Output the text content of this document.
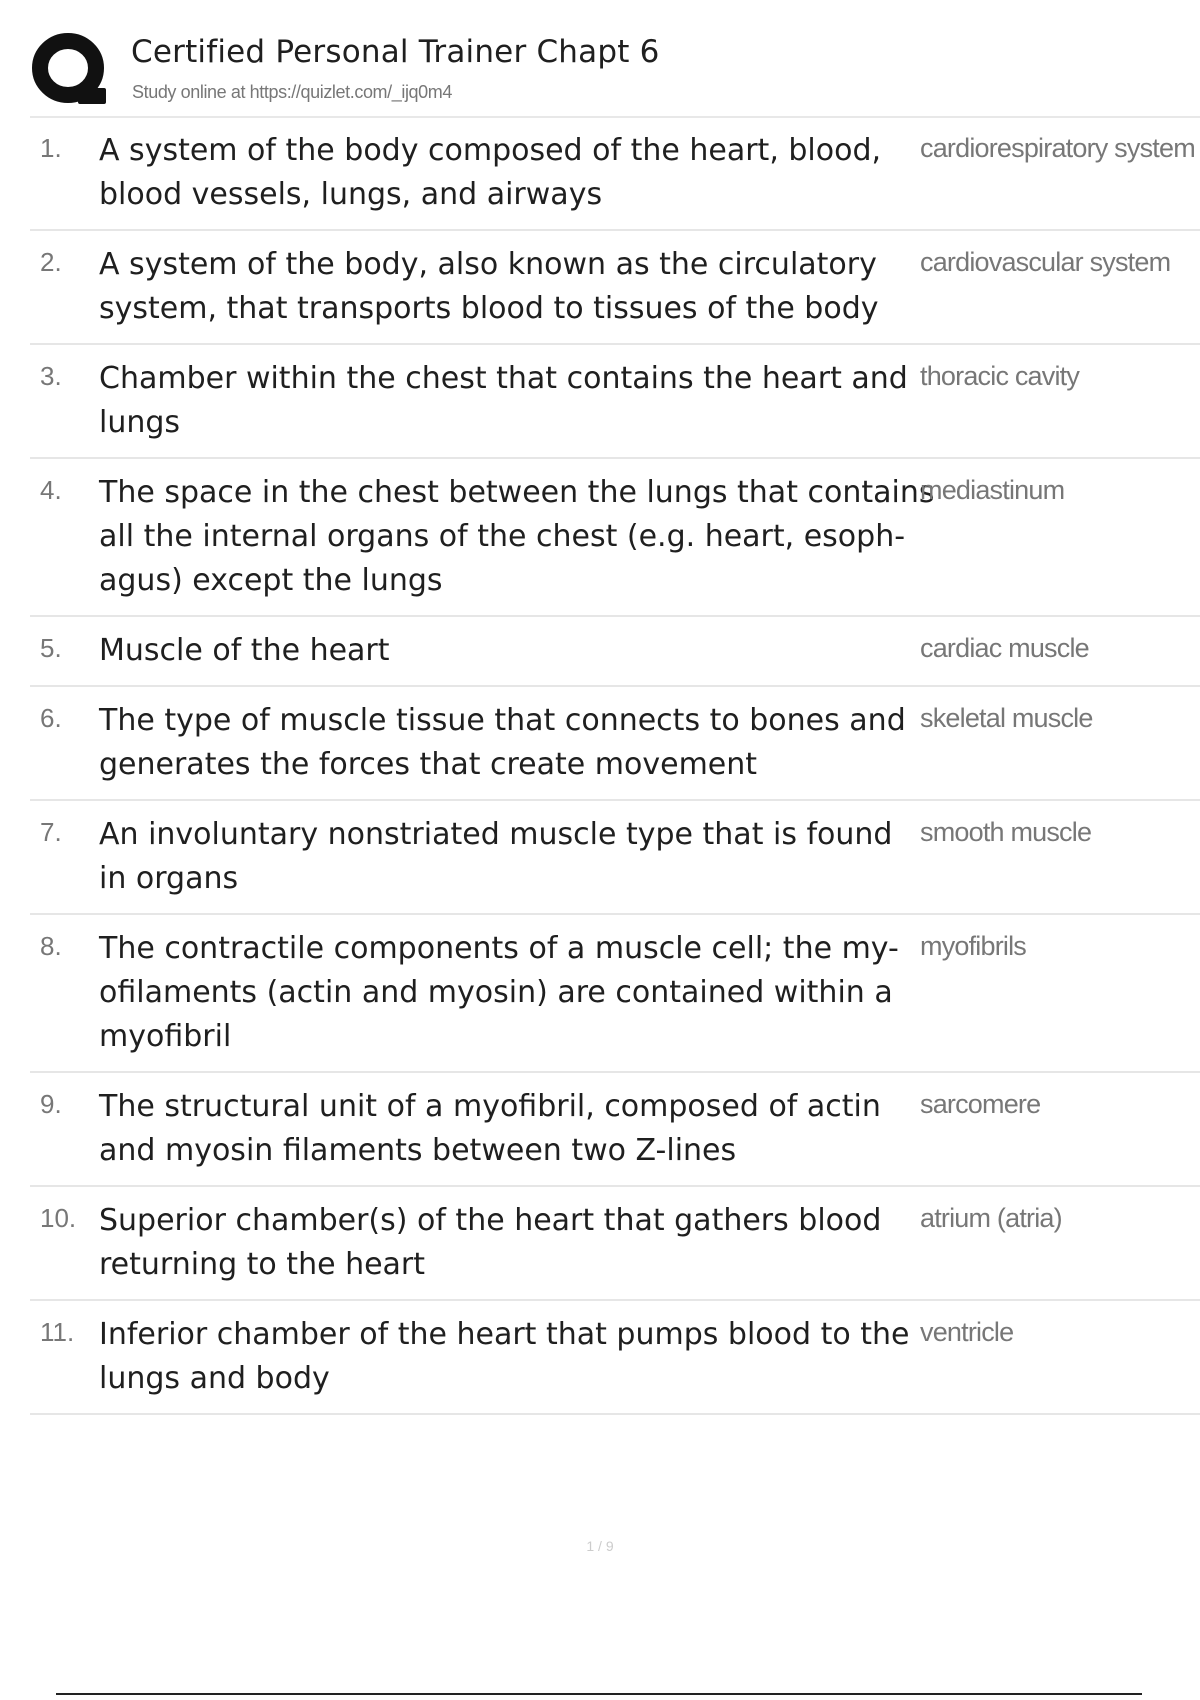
Certified Personal Trainer Chapt 6
Study online at https://quizlet.com/_ijq0m4
1. A system of the body composed of the heart, blood,
blood vessels, lungs, and airways
cardiorespiratory system
2. A system of the body, also known as the circulatory
system, that transports blood to tissues of the body
cardiovascular system
3. Chamber within the chest that contains the heart and
lungs
thoracic cavity
4. The space in the chest between the lungs that contains
all the internal organs of the chest (e.g. heart, esoph-
agus) except the lungs
mediastinum
5. Muscle of the heart	cardiac muscle
6. The type of muscle tissue that connects to bones and
generates the forces that create movement
skeletal muscle
7. An involuntary nonstriated muscle type that is found
in organs
smooth muscle
8. The contractile components of a muscle cell; the my-
ofilaments (actin and myosin) are contained within a
myofibril
myofibrils
9. The structural unit of a myofibril, composed of actin
and myosin filaments between two Z-lines
sarcomere
10. Superior chamber(s) of the heart that gathers blood
returning to the heart
atrium (atria)
11. Inferior chamber of the heart that pumps blood to the
lungs and body
ventricle
1 / 9
